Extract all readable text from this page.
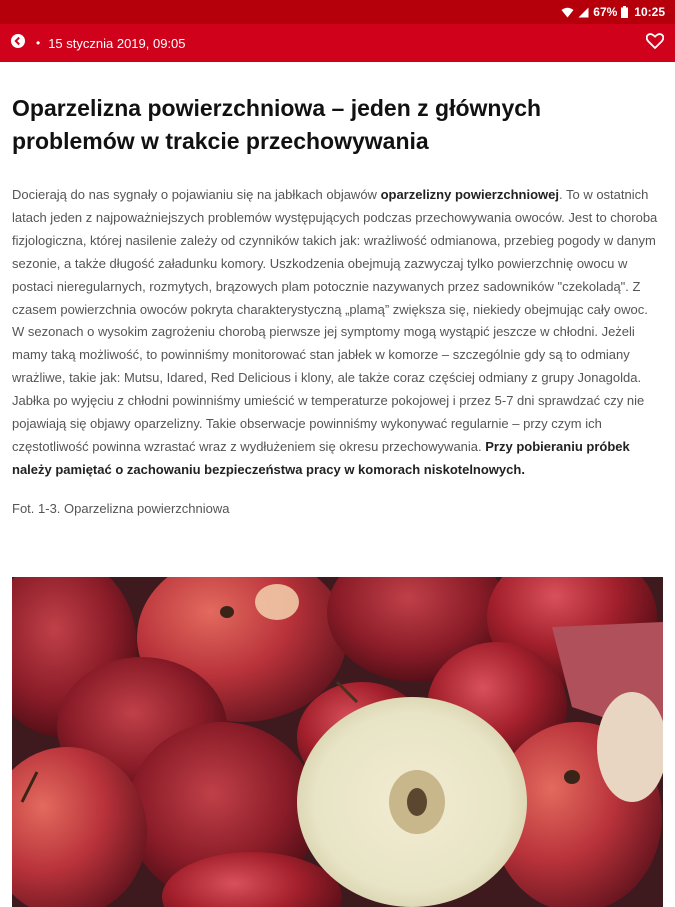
67% 10:25
• 15 stycznia 2019, 09:05
Oparzelizna powierzchniowa – jeden z głównych problemów w trakcie przechowywania

Docierają do nas sygnały o pojawianiu się na jabłkach objawów oparzelizny powierzchniowej. To w ostatnich latach jeden z najpoważniejszych problemów występujących podczas przechowywania owoców. Jest to choroba fizjologiczna, której nasilenie zależy od czynników takich jak: wrażliwość odmianowa, przebieg pogody w danym sezonie, a także długość załadunku komory. Uszkodzenia obejmują zazwyczaj tylko powierzchnię owocu w postaci nieregularnych, rozmytych, brązowych plam potocznie nazywanych przez sadowników "czekoladą". Z czasem powierzchnia owoców pokryta charakterystyczną „plamą” zwiększa się, niekiedy obejmując cały owoc. W sezonach o wysokim zagrożeniu chorobą pierwsze jej symptomy mogą wystąpić jeszcze w chłodni. Jeżeli mamy taką możliwość, to powinniśmy monitorować stan jabłek w komorze – szczególnie gdy są to odmiany wrażliwe, takie jak: Mutsu, Idared, Red Delicious i klony, ale także coraz częściej odmiany z grupy Jonagolda. Jabłka po wyjęciu z chłodni powinniśmy umieścić w temperaturze pokojowej i przez 5-7 dni sprawdzać czy nie pojawiają się objawy oparzelizny. Takie obserwacje powinniśmy wykonywać regularnie – przy czym ich częstotliwość powinna wzrastać wraz z wydłużeniem się okresu przechowywania. Przy pobieraniu próbek należy pamiętać o zachowaniu bezpieczeństwa pracy w komorach niskotelnowych.

Fot. 1-3. Oparzelizna powierzchniowa
